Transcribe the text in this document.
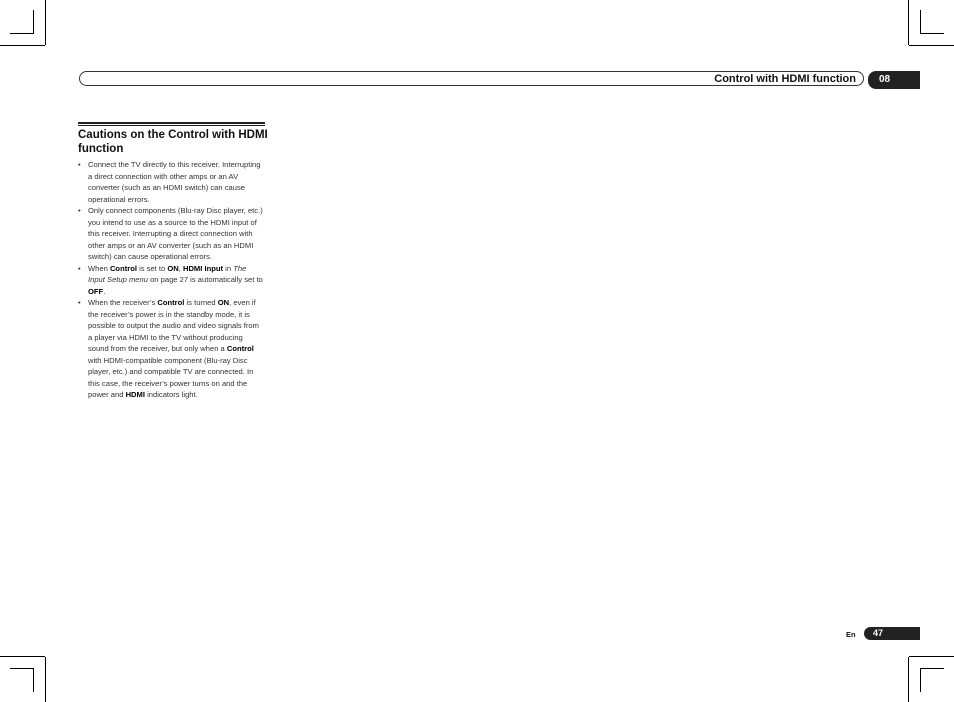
Control with HDMI function	08
Cautions on the Control with HDMI function
• Connect the TV directly to this receiver. Interrupting a direct connection with other amps or an AV converter (such as an HDMI switch) can cause operational errors.
• Only connect components (Blu-ray Disc player, etc.) you intend to use as a source to the HDMI input of this receiver. Interrupting a direct connection with other amps or an AV converter (such as an HDMI switch) can cause operational errors.
• When Control is set to ON, HDMI Input in The Input Setup menu on page 27 is automatically set to OFF.
• When the receiver’s Control is turned ON, even if the receiver’s power is in the standby mode, it is possible to output the audio and video signals from a player via HDMI to the TV without producing sound from the receiver, but only when a Control with HDMI-compatible component (Blu-ray Disc player, etc.) and compatible TV are connected. In this case, the receiver’s power turns on and the power and HDMI indicators light.
En	47
